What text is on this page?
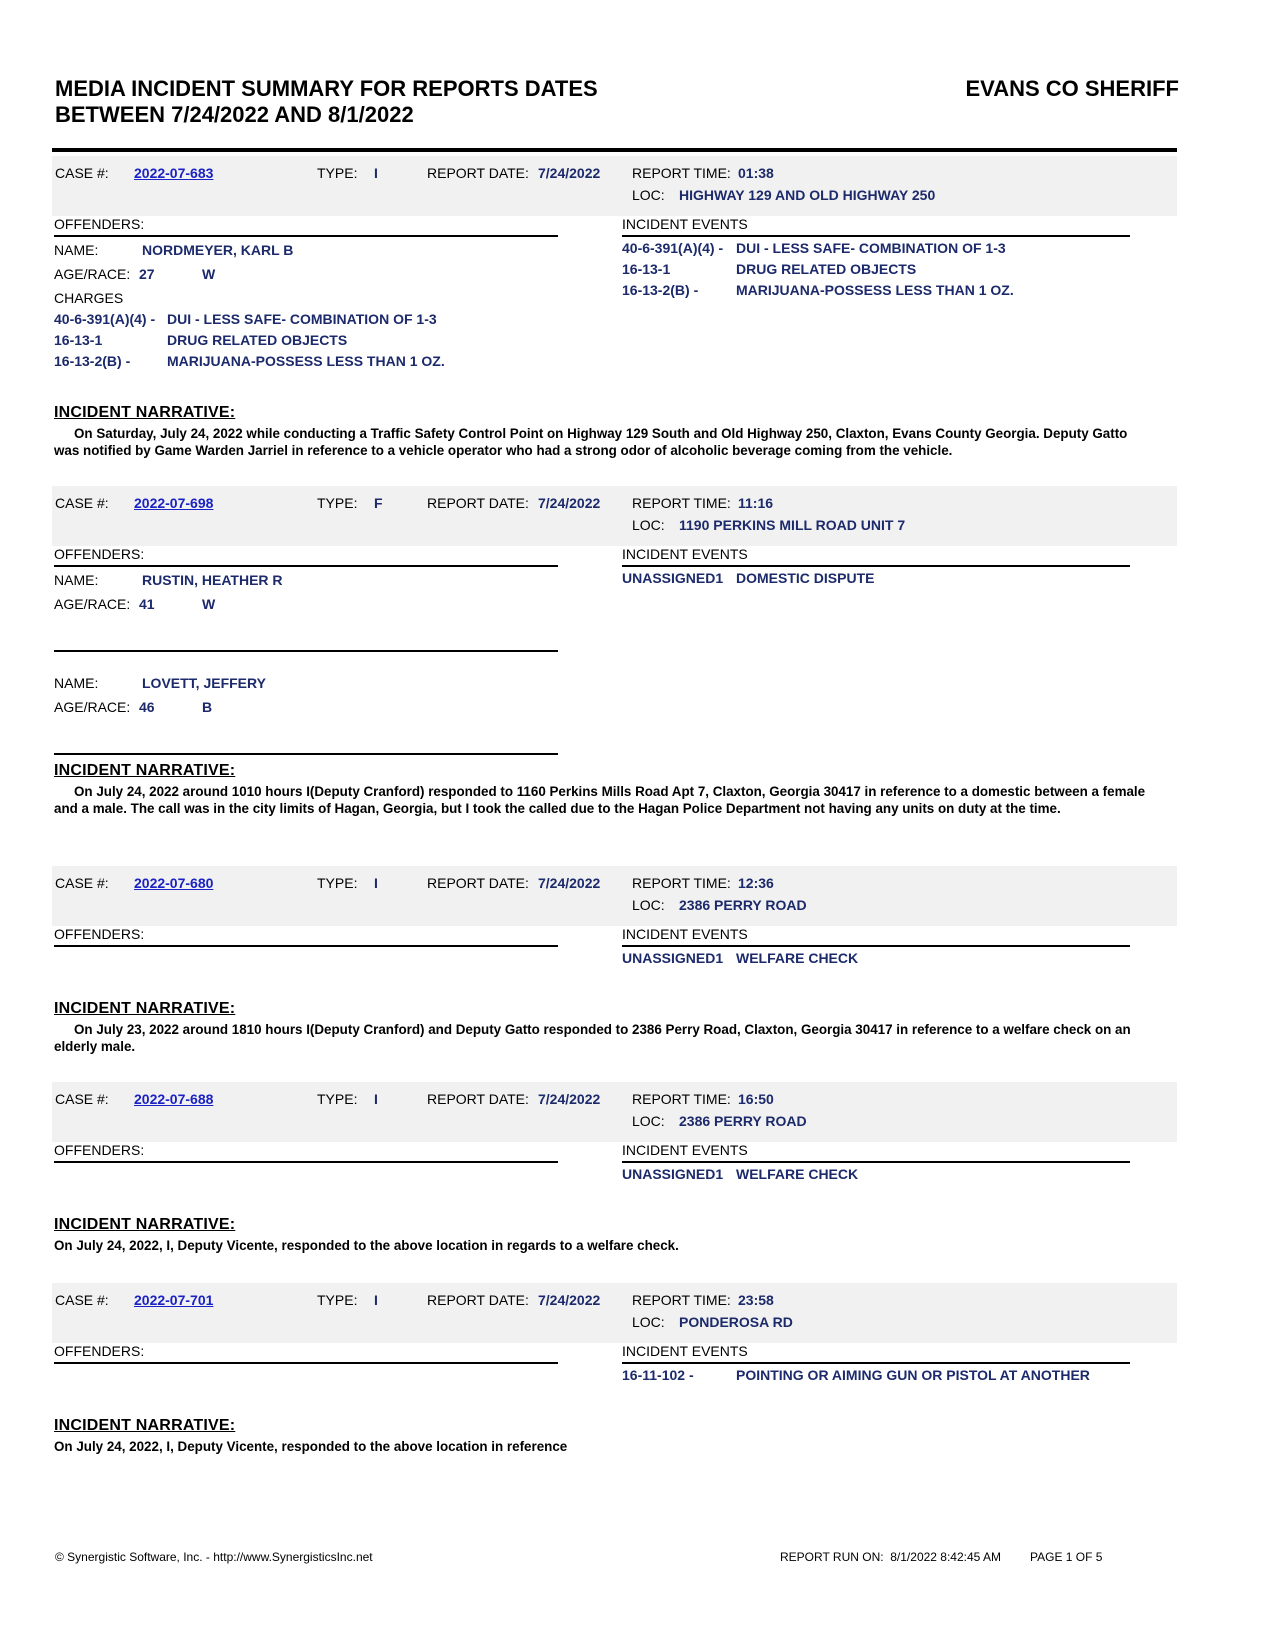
MEDIA INCIDENT SUMMARY FOR REPORTS DATES
BETWEEN 7/24/2022 AND 8/1/2022
EVANS CO SHERIFF
CASE #: 2022-07-683	TYPE: I	REPORT DATE: 7/24/2022 REPORT TIME: 01:38
LOC: HIGHWAY 129 AND OLD HIGHWAY 250
OFFENDERS:
NAME:	NORDMEYER, KARL B
AGE/RACE: 27	W
CHARGES
40-6-391(A)(4) - DUI - LESS SAFE- COMBINATION OF 1-3
16-13-1	DRUG RELATED OBJECTS
16-13-2(B) -	MARIJUANA-POSSESS LESS THAN 1 OZ.
INCIDENT EVENTS
40-6-391(A)(4) - DUI - LESS SAFE- COMBINATION OF 1-3
16-13-1	DRUG RELATED OBJECTS
16-13-2(B) -	MARIJUANA-POSSESS LESS THAN 1 OZ.
INCIDENT NARRATIVE:
On Saturday, July 24, 2022 while conducting a Traffic Safety Control Point on Highway 129 South and Old Highway 250, Claxton, Evans County Georgia. Deputy Gatto was notified by Game Warden Jarriel in reference to a vehicle operator who had a strong odor of alcoholic beverage coming from the vehicle.
CASE #: 2022-07-698	TYPE: F	REPORT DATE: 7/24/2022 REPORT TIME: 11:16
LOC: 1190 PERKINS MILL ROAD UNIT 7
OFFENDERS:
NAME:	RUSTIN, HEATHER R
AGE/RACE: 41	W
NAME:	LOVETT, JEFFERY
AGE/RACE: 46	B
INCIDENT EVENTS
UNASSIGNED1 DOMESTIC DISPUTE
INCIDENT NARRATIVE:
On July 24, 2022 around 1010 hours I(Deputy Cranford) responded to 1160 Perkins Mills Road Apt 7, Claxton, Georgia 30417 in reference to a domestic between a female and a male. The call was in the city limits of Hagan, Georgia, but I took the called due to the Hagan Police Department not having any units on duty at the time.
CASE #: 2022-07-680	TYPE: I	REPORT DATE: 7/24/2022 REPORT TIME: 12:36
LOC: 2386 PERRY ROAD
OFFENDERS:	INCIDENT EVENTS
UNASSIGNED1 WELFARE CHECK
INCIDENT NARRATIVE:
On July 23, 2022 around 1810 hours I(Deputy Cranford) and Deputy Gatto responded to 2386 Perry Road, Claxton, Georgia 30417 in reference to a welfare check on an elderly male.
CASE #: 2022-07-688	TYPE: I	REPORT DATE: 7/24/2022 REPORT TIME: 16:50
LOC: 2386 PERRY ROAD
OFFENDERS:	INCIDENT EVENTS
UNASSIGNED1 WELFARE CHECK
INCIDENT NARRATIVE:
On July 24, 2022, I, Deputy Vicente, responded to the above location in regards to a welfare check.
CASE #: 2022-07-701	TYPE: I	REPORT DATE: 7/24/2022 REPORT TIME: 23:58
LOC: PONDEROSA RD
OFFENDERS:	INCIDENT EVENTS
16-11-102 -	POINTING OR AIMING GUN OR PISTOL AT ANOTHER
INCIDENT NARRATIVE:
On July 24, 2022, I, Deputy Vicente, responded to the above location in reference
© Synergistic Software, Inc. - http://www.SynergisticsInc.net	REPORT RUN ON: 8/1/2022 8:42:45 AM PAGE 1 OF 5
